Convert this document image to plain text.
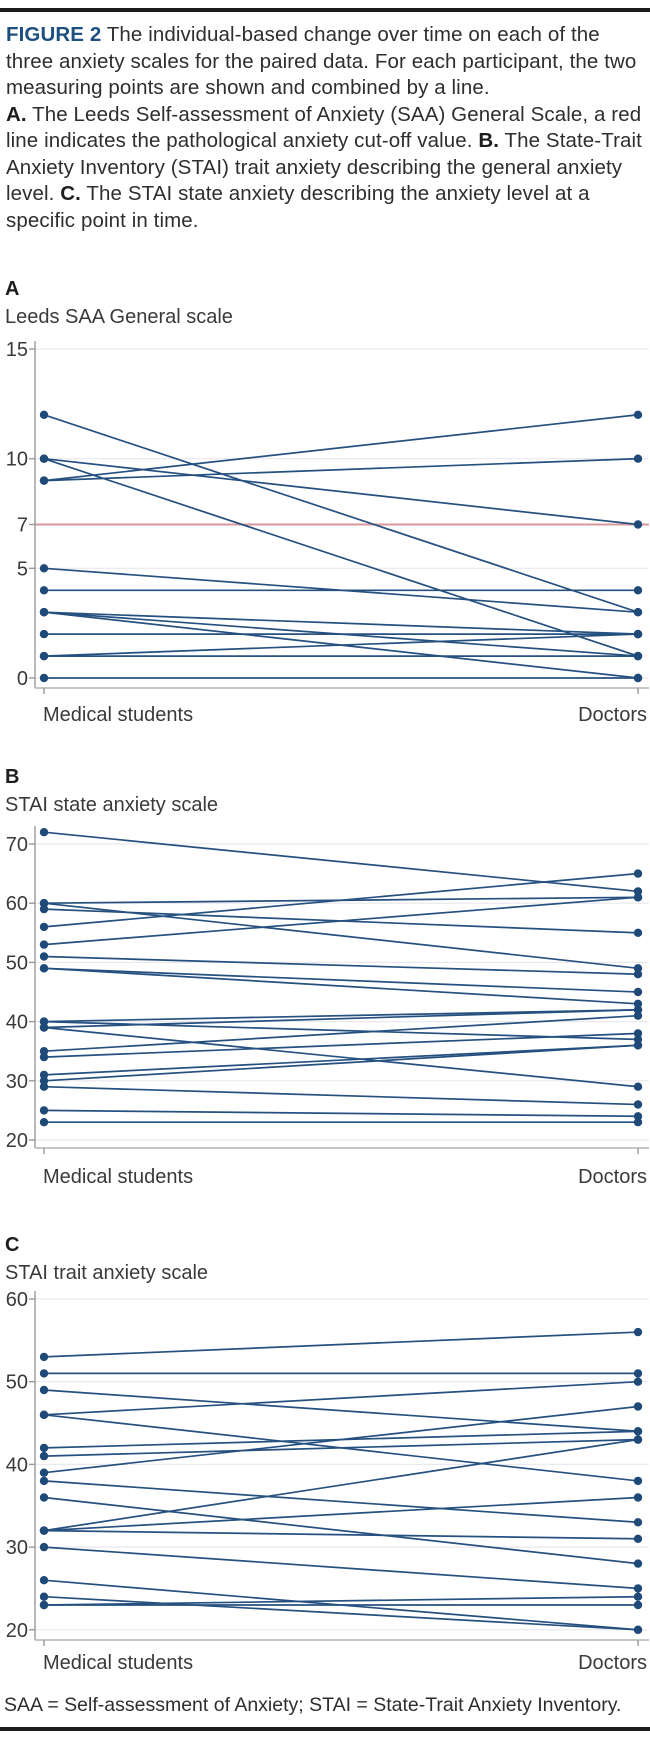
FIGURE 2 The individual-based change over time on each of the three anxiety scales for the paired data. For each participant, the two measuring points are shown and combined by a line.
A. The Leeds Self-assessment of Anxiety (SAA) General Scale, a red line indicates the pathological anxiety cut-off value. B. The State-Trait Anxiety Inventory (STAI) trait anxiety describing the general anxiety level. C. The STAI state anxiety describing the anxiety level at a specific point in time.
A
Leeds SAA General scale
0
5
7
10
15
Medical students	Doctors
B
STAI state anxiety scale
20
30
40
50
60
70
Medical students	Doctors
C
STAI trait anxiety scale
20
30
40
50
60
Medical students	Doctors
SAA = Self-assessment of Anxiety; STAI = State-Trait Anxiety Inventory.
